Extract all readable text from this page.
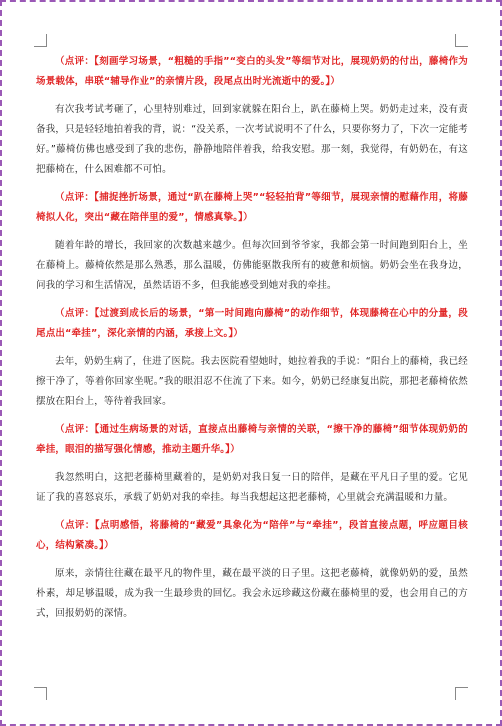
（点评：【刻画学习场景，“粗糙的手指”“变白的头发”等细节对比，展现奶奶的付出，藤椅作为场景载体，串联“辅导作业”的亲情片段，段尾点出时光流逝中的爱。】）

有次我考试考砸了，心里特别难过，回到家就躲在阳台上，趴在藤椅上哭。奶奶走过来，没有责备我，只是轻轻地拍着我的背，说：“没关系，一次考试说明不了什么，只要你努力了，下次一定能考好。”藤椅仿佛也感受到了我的悲伤，静静地陪伴着我，给我安慰。那一刻，我觉得，有奶奶在，有这把藤椅在，什么困难都不可怕。

（点评：【捕捉挫折场景，通过“趴在藤椅上哭”“轻轻拍背”等细节，展现亲情的慰藉作用，将藤椅拟人化，突出“藏在陪伴里的爱”，情感真挚。】）

随着年龄的增长，我回家的次数越来越少。但每次回到爷爷家，我都会第一时间跑到阳台上，坐在藤椅上。藤椅依然是那么熟悉，那么温暖，仿佛能驱散我所有的疲惫和烦恼。奶奶会坐在我身边，问我的学习和生活情况，虽然话语不多，但我能感受到她对我的牵挂。

（点评：【过渡到成长后的场景，“第一时间跑向藤椅”的动作细节，体现藤椅在心中的分量，段尾点出“牵挂”，深化亲情的内涵，承接上文。】）

去年，奶奶生病了，住进了医院。我去医院看望她时，她拉着我的手说：“阳台上的藤椅，我已经擦干净了，等着你回家坐呢。”我的眼泪忍不住流了下来。如今，奶奶已经康复出院，那把老藤椅依然摆放在阳台上，等待着我回家。

（点评：【通过生病场景的对话，直接点出藤椅与亲情的关联，“擦干净的藤椅”细节体现奶奶的牵挂，眼泪的描写强化情感，推动主题升华。】）

我忽然明白，这把老藤椅里藏着的，是奶奶对我日复一日的陪伴，是藏在平凡日子里的爱。它见证了我的喜怒哀乐，承载了奶奶对我的牵挂。每当我想起这把老藤椅，心里就会充满温暖和力量。

（点评：【点明感悟，将藤椅的“藏爱”具象化为“陪伴”与“牵挂”，段首直接点题，呼应题目核心，结构紧凑。】）

原来，亲情往往藏在最平凡的物件里，藏在最平淡的日子里。这把老藤椅，就像奶奶的爱，虽然朴素，却足够温暖，成为我一生最珍贵的回忆。我会永远珍藏这份藏在藤椅里的爱，也会用自己的方式，回报奶奶的深情。
